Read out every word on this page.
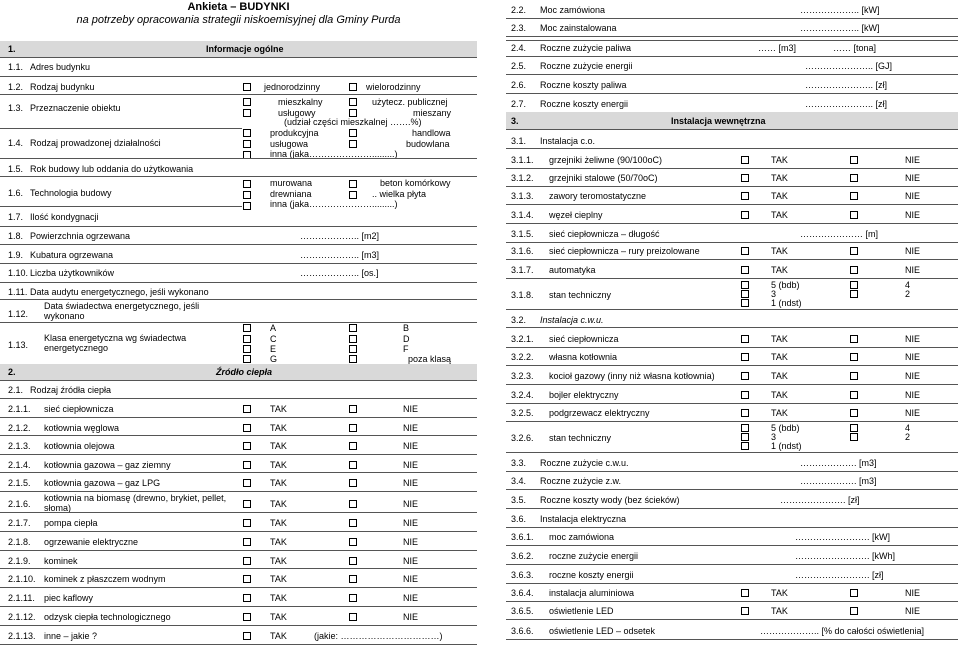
Ankieta – BUDYNKI
na potrzeby opracowania strategii niskoemisyjnej dla Gminy Purda
1.	Informacje ogólne
1.1. Adres budynku
1.2. Rodzaj budynku	jednorodzinny	wielorodzinny
1.3. Przeznaczenie obiektu
mieszkalny	użytecz. publicznej
usługowy	mieszany
(udział części mieszkalnej …….%)
1.4. Rodzaj prowadzonej działalności
produkcyjna	handlowa
usługowa	budowlana
inna (jaka………………….........)
1.5. Rok budowy lub oddania do użytkowania
1.6. Technologia budowy
murowana	beton komórkowy
drewniana	.. wielka płyta
inna (jaka………………….........)
1.7. Ilość kondygnacji
1.8. Powierzchnia ogrzewana	……………….. [m2]
1.9. Kubatura ogrzewana	……………….. [m3]
1.10. Liczba użytkowników	……………….. [os.]
1.11. Data audytu energetycznego, jeśli wykonano
1.12.
Data świadectwa energetycznego, jeśli
wykonano
1.13.
Klasa energetyczna wg świadectwa
energetycznego
A	B
C	D
E	F
G	poza klasą
2.	Źródło ciepła
2.1. Rodzaj źródła ciepła
2.1.1. sieć ciepłownicza	TAK	NIE
2.1.2. kotłownia węglowa	TAK	NIE
2.1.3. kotłownia olejowa	TAK	NIE
2.1.4. kotłownia gazowa – gaz ziemny	TAK	NIE
2.1.5. kotłownia gazowa – gaz LPG	TAK	NIE
2.1.6.
kotłownia na biomasę (drewno, brykiet, pellet,
słoma)	TAK	NIE
2.1.7. pompa ciepła	TAK	NIE
2.1.8. ogrzewanie elektryczne	TAK	NIE
2.1.9. kominek	TAK	NIE
2.1.10. kominek z płaszczem wodnym	TAK	NIE
2.1.11. piec kaflowy	TAK	NIE
2.1.12. odzysk ciepła technologicznego	TAK	NIE
2.1.13. inne – jakie ?	TAK	(jakie: ……………………………)
2.2. Moc zamówiona	……………….. [kW]
2.3. Moc zainstalowana	……………….. [kW]
2.4. Roczne zużycie paliwa	…… [m3]	…… [tona]
2.5. Roczne zużycie energii	………………….. [GJ]
2.6. Roczne koszty paliwa	………………….. [zł]
2.7. Roczne koszty energii	………………….. [zł]
3.	Instalacja wewnętrzna
3.1. Instalacja c.o.
3.1.1. grzejniki żeliwne (90/100oC)	TAK	NIE
3.1.2. grzejniki stalowe (50/70oC)	TAK	NIE
3.1.3. zawory teromostatyczne	TAK	NIE
3.1.4. węzeł cieplny	TAK	NIE
3.1.5. sieć ciepłownicza – długość	………………… [m]
3.1.6. sieć ciepłownicza – rury preizolowane	TAK	NIE
3.1.7. automatyka	TAK	NIE
3.1.8. stan techniczny
5 (bdb)	4
3	2
1 (ndst)
3.2. Instalacja c.w.u.
3.2.1. sieć ciepłownicza	TAK	NIE
3.2.2. własna kotłownia	TAK	NIE
3.2.3. kocioł gazowy (inny niż własna kotłownia)	TAK	NIE
3.2.4. bojler elektryczny	TAK	NIE
3.2.5. podgrzewacz elektryczny	TAK	NIE
3.2.6. stan techniczny
5 (bdb)	4
3	2
1 (ndst)
3.3. Roczne zużycie c.w.u.	………………. [m3]
3.4. Roczne zużycie z.w.	………………. [m3]
3.5. Roczne koszty wody (bez ścieków)	…………………. [zł]
3.6. Instalacja elektryczna
3.6.1. moc zamówiona	……………………. [kW]
3.6.2. roczne zużycie energii	……………………. [kWh]
3.6.3. roczne koszty energii	……………………. [zł]
3.6.4. instalacja aluminiowa	TAK	NIE
3.6.5. oświetlenie LED	TAK	NIE
3.6.6. oświetlenie LED – odsetek	……………….. [% do całości oświetlenia]
